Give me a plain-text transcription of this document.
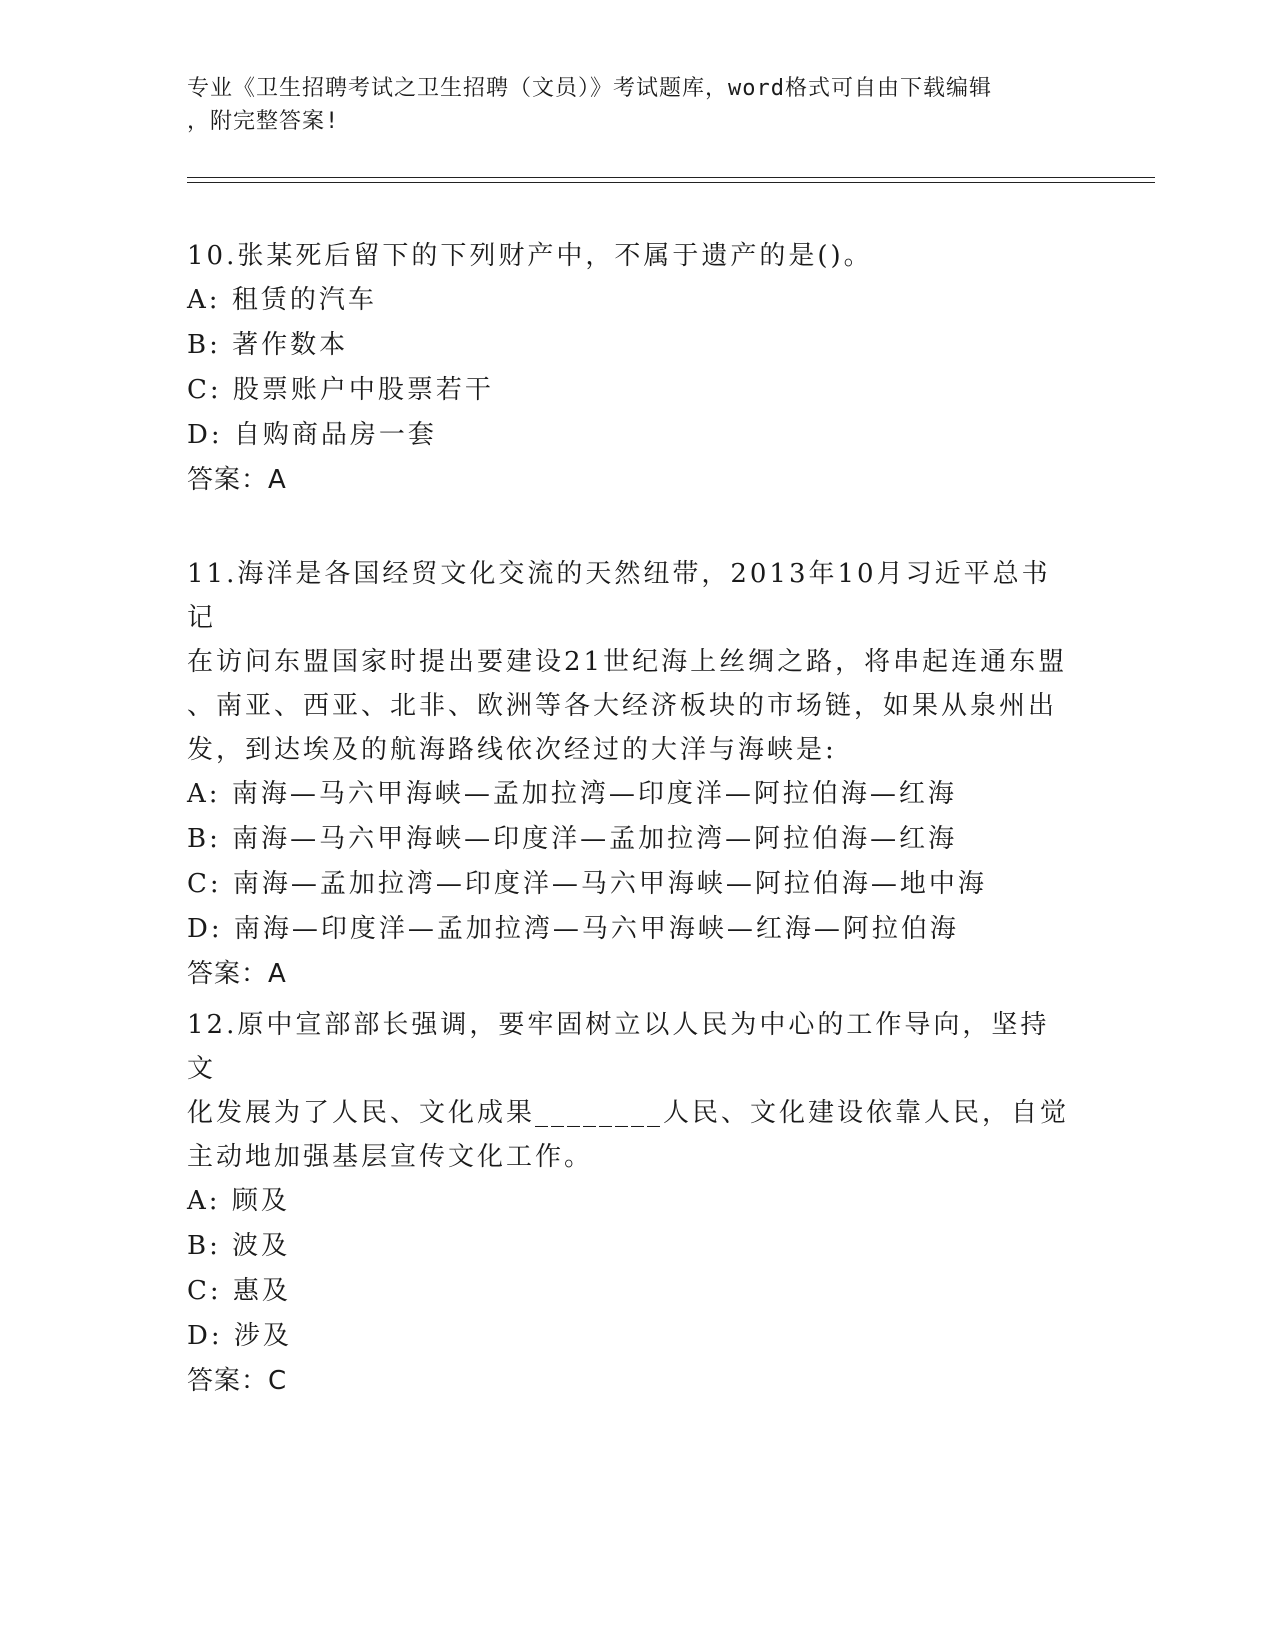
专业《卫生招聘考试之卫生招聘（文员）》考试题库，word格式可自由下载编辑
，附完整答案!
10.张某死后留下的下列财产中，不属于遗产的是()。
A: 租赁的汽车
B: 著作数本
C: 股票账户中股票若干
D: 自购商品房一套
答案：A
11.海洋是各国经贸文化交流的天然纽带，2013年10月习近平总书记
在访问东盟国家时提出要建设21世纪海上丝绸之路，将串起连通东盟
、南亚、西亚、北非、欧洲等各大经济板块的市场链，如果从泉州出
发，到达埃及的航海路线依次经过的大洋与海峡是:
A: 南海—马六甲海峡—孟加拉湾—印度洋—阿拉伯海—红海
B: 南海—马六甲海峡—印度洋—孟加拉湾—阿拉伯海—红海
C: 南海—孟加拉湾—印度洋—马六甲海峡—阿拉伯海—地中海
D: 南海—印度洋—孟加拉湾—马六甲海峡—红海—阿拉伯海
答案：A
12.原中宣部部长强调，要牢固树立以人民为中心的工作导向，坚持文
化发展为了人民、文化成果________人民、文化建设依靠人民，自觉
主动地加强基层宣传文化工作。
A: 顾及
B: 波及
C: 惠及
D: 涉及
答案：C
